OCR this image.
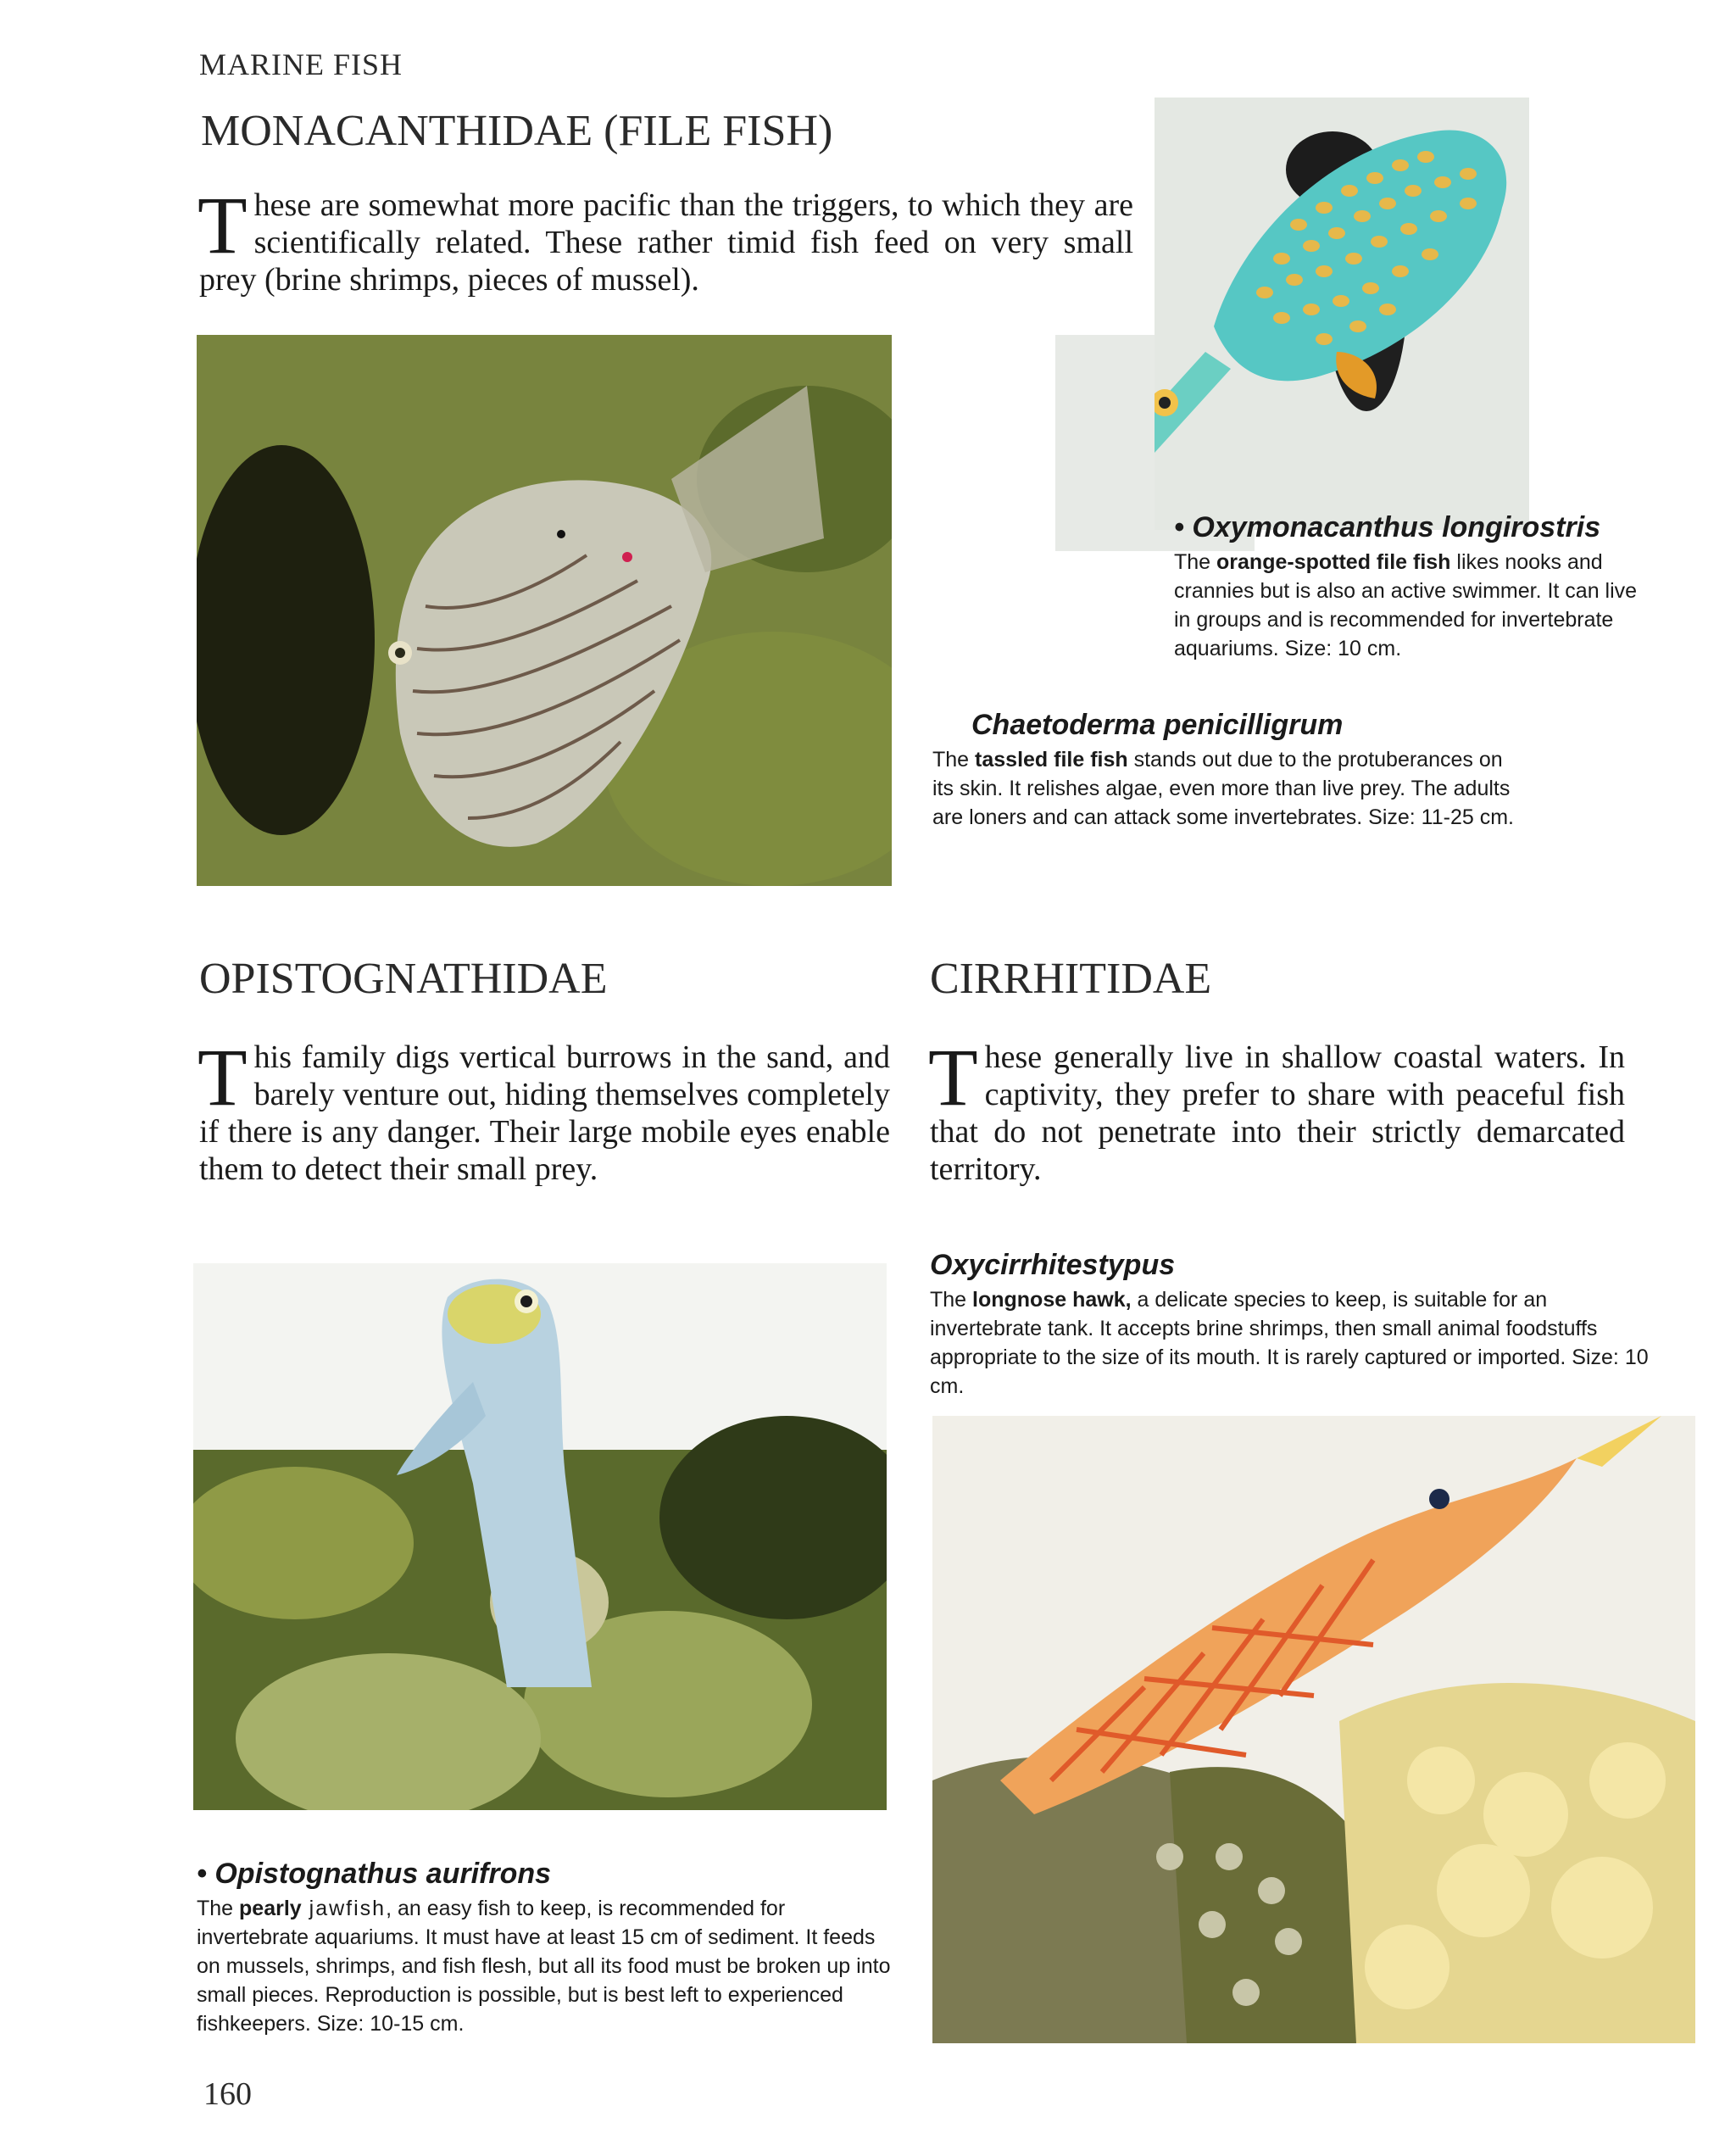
MARINE FISH
MONACANTHIDAE (FILE FISH)
These are somewhat more pacific than the triggers, to which they are scientifically related. These rather timid fish feed on very small prey (brine shrimps, pieces of mussel).
• Oxymonacanthus longirostris
The orange-spotted file fish likes nooks and crannies but is also an active swimmer. It can live in groups and is recommended for invertebrate aquariums. Size: 10 cm.
Chaetoderma penicilligrum
The tassled file fish stands out due to the protuberances on its skin. It relishes algae, even more than live prey. The adults are loners and can attack some invertebrates. Size: 11-25 cm.
OPISTOGNATHIDAE	CIRRHITIDAE
This family digs vertical burrows in the sand, and barely venture out, hiding themselves completely if there is any danger. Their large mobile eyes enable them to detect their small prey.
These generally live in shallow coastal waters. In captivity, they prefer to share with peaceful fish that do not penetrate into their strictly demarcated territory.
Oxycirrhitestypus
The longnose hawk, a delicate species to keep, is suitable for an invertebrate tank. It accepts brine shrimps, then small animal foodstuffs appropriate to the size of its mouth. It is rarely captured or imported. Size: 10 cm.
• Opistognathus aurifrons
The pearly jawfish, an easy fish to keep, is recommended for invertebrate aquariums. It must have at least 15 cm of sediment. It feeds on mussels, shrimps, and fish flesh, but all its food must be broken up into small pieces. Reproduction is possible, but is best left to experienced fishkeepers. Size: 10-15 cm.
160
